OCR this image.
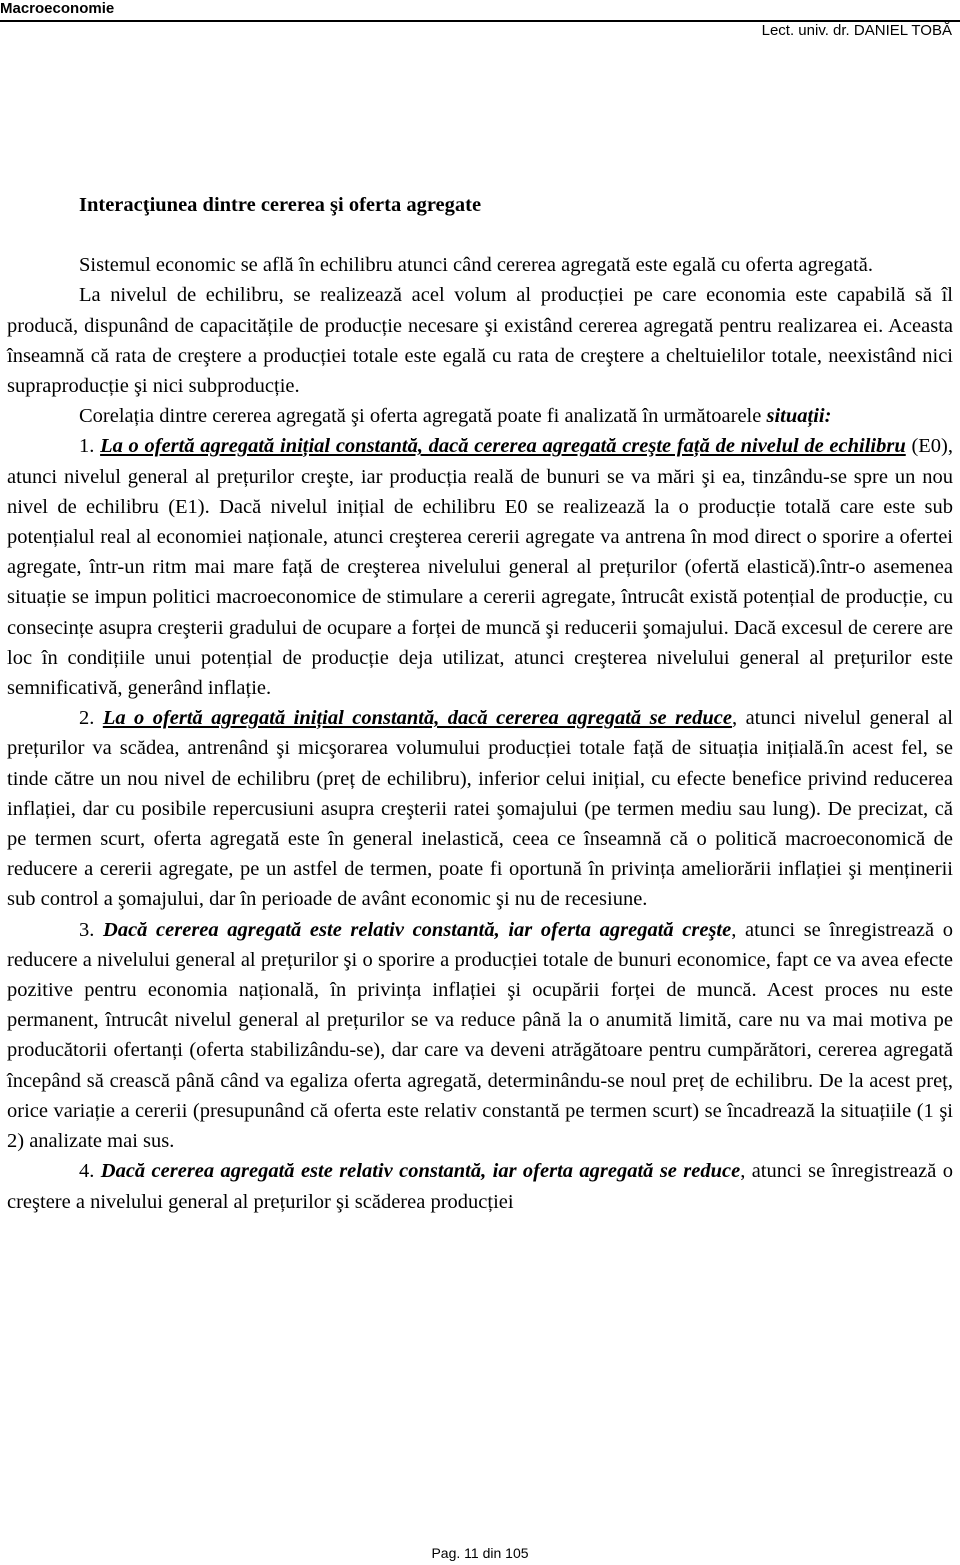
Macroeconomie
Lect. univ. dr. DANIEL TOBĂ

Interacţiunea dintre cererea şi oferta agregate

Sistemul economic se află în echilibru atunci când cererea agregată este egală cu oferta agregată.

La nivelul de echilibru, se realizează acel volum al producției pe care economia este capabilă să îl producă, dispunând de capacitățile de producție necesare şi existând cererea agregată pentru realizarea ei. Aceasta înseamnă că rata de creştere a producției totale este egală cu rata de creştere a cheltuielilor totale, neexistând nici supraproducție şi nici subproducție.

Corelația dintre cererea agregată şi oferta agregată poate fi analizată în următoarele situații:

1. La o ofertă agregată inițial constantă, dacă cererea agregată creşte față de nivelul de echilibru (E0), atunci nivelul general al prețurilor creşte, iar producția reală de bunuri se va mări şi ea, tinzându-se spre un nou nivel de echilibru (E1). Dacă nivelul inițial de echilibru E0 se realizează la o producție totală care este sub potențialul real al economiei naționale, atunci creşterea cererii agregate va antrena în mod direct o sporire a ofertei agregate, într-un ritm mai mare față de creşterea nivelului general al prețurilor (ofertă elastică).într-o asemenea situație se impun politici macroeconomice de stimulare a cererii agregate, întrucât există potențial de producție, cu consecințe asupra creşterii gradului de ocupare a forței de muncă şi reducerii şomajului. Dacă excesul de cerere are loc în condițiile unui potențial de producție deja utilizat, atunci creşterea nivelului general al prețurilor este semnificativă, generând inflație.

2. La o ofertă agregată inițial constantă, dacă cererea agregată se reduce, atunci nivelul general al prețurilor va scădea, antrenând şi micşorarea volumului producției totale față de situația inițială.în acest fel, se tinde către un nou nivel de echilibru (preț de echilibru), inferior celui inițial, cu efecte benefice privind reducerea inflației, dar cu posibile repercusiuni asupra creşterii ratei şomajului (pe termen mediu sau lung). De precizat, că pe termen scurt, oferta agregată este în general inelastică, ceea ce înseamnă că o politică macroeconomică de reducere a cererii agregate, pe un astfel de termen, poate fi oportună în privința ameliorării inflației şi menținerii sub control a şomajului, dar în perioade de avânt economic şi nu de recesiune.

3. Dacă cererea agregată este relativ constantă, iar oferta agregată creşte, atunci se înregistrează o reducere a nivelului general al prețurilor şi o sporire a producției totale de bunuri economice, fapt ce va avea efecte pozitive pentru economia națională, în privința inflației şi ocupării forței de muncă. Acest proces nu este permanent, întrucât nivelul general al prețurilor se va reduce până la o anumită limită, care nu va mai motiva pe producătorii ofertanți (oferta stabilizându-se), dar care va deveni atrăgătoare pentru cumpărători, cererea agregată începând să crească până când va egaliza oferta agregată, determinându-se noul preț de echilibru. De la acest preț, orice variație a cererii (presupunând că oferta este relativ constantă pe termen scurt) se încadrează la situațiile (1 şi 2) analizate mai sus.

4. Dacă cererea agregată este relativ constantă, iar oferta agregată se reduce, atunci se înregistrează o creştere a nivelului general al prețurilor şi scăderea producției

Pag. 11 din 105
